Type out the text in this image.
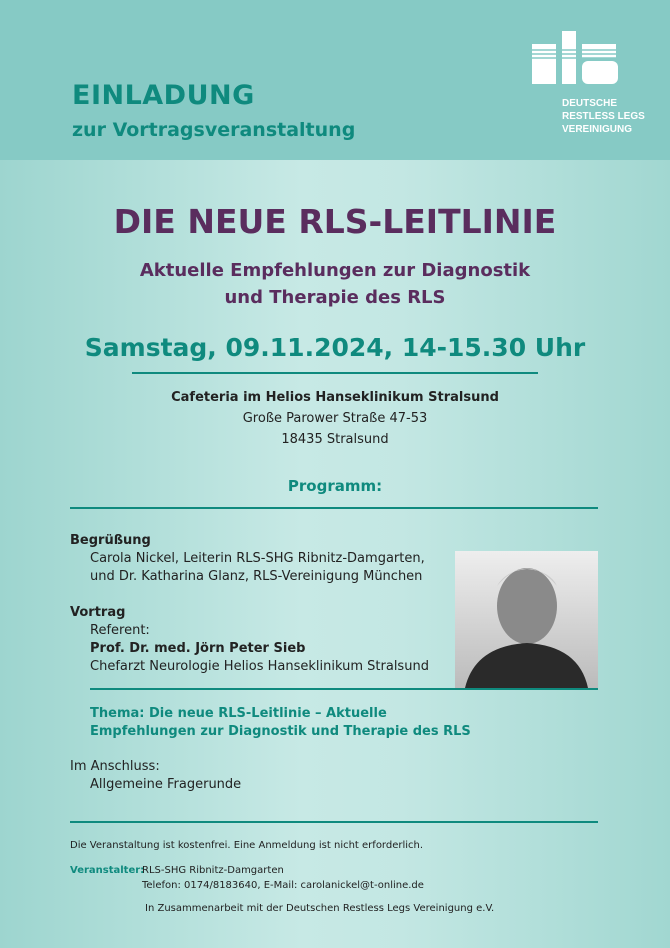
EINLADUNG
zur Vortragsveranstaltung
DEUTSCHE
RESTLESS LEGS
VEREINIGUNG
DIE NEUE RLS-LEITLINIE
Aktuelle Empfehlungen zur Diagnostik
und Therapie des RLS
Samstag, 09.11.2024, 14-15.30 Uhr
Cafeteria im Helios Hanseklinikum Stralsund
Große Parower Straße 47-53
18435 Stralsund
Programm:
Begrüßung
Carola Nickel, Leiterin RLS-SHG Ribnitz-Damgarten,
und Dr. Katharina Glanz, RLS-Vereinigung München
Vortrag
Referent:
Prof. Dr. med. Jörn Peter Sieb
Chefarzt Neurologie Helios Hanseklinikum Stralsund
Thema: Die neue RLS-Leitlinie – Aktuelle
Empfehlungen zur Diagnostik und Therapie des RLS
Im Anschluss:
Allgemeine Fragerunde
Die Veranstaltung ist kostenfrei. Eine Anmeldung ist nicht erforderlich.
Veranstalter:
RLS-SHG Ribnitz-Damgarten
Telefon: 0174/8183640, E-Mail: carolanickel@t-online.de
In Zusammenarbeit mit der Deutschen Restless Legs Vereinigung e.V.
